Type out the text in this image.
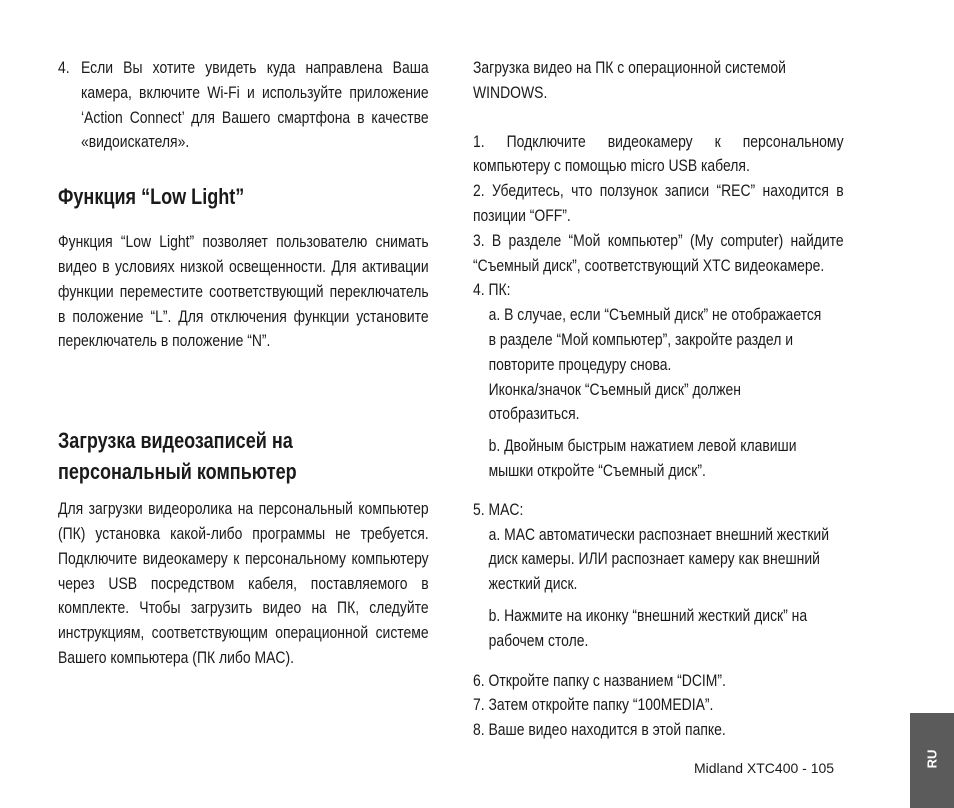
4. Если Вы хотите увидеть куда направлена Ваша камера, включите Wi-Fi и используйте приложение ‘Action Connect’ для Вашего смартфона в качестве «видоискателя».

Функция “Low Light”

Функция “Low Light” позволяет пользователю снимать видео в условиях низкой освещенности. Для активации функции переместите соответствующий переключатель в положение “L”. Для отключения функции установите переключатель в положение “N”.

Загрузка видеозаписей на
персональный компьютер

Для загрузки видеоролика на персональный компьютер (ПК) установка какой-либо программы не требуется. Подключите видеокамеру к персональному компьютеру через USB посредством кабеля, поставляемого в комплекте. Чтобы загрузить видео на ПК, следуйте инструкциям, соответствующим операционной системе Вашего компьютера (ПК либо MAC).

Загрузка видео на ПК с операционной системой WINDOWS.

1. Подключите видеокамеру к персональному компьютеру с помощью micro USB кабеля.

2. Убедитесь, что ползунок записи “REC” находится в позиции “OFF”.

3. В разделе “Мой компьютер” (My computer) найдите “Съемный диск”, соответствующий XTC видеокамере.

4. ПК:

a. В случае, если “Съемный диск” не отображается
в разделе “Мой компьютер”, закройте раздел и
повторите процедуру снова.
Иконка/значок “Съемный диск” должен
отобразиться.

b. Двойным быстрым нажатием левой клавиши
мышки откройте “Съемный диск”.

5. MAC:

a. MAC автоматически распознает внешний жесткий
диск камеры. ИЛИ распознает камеру как внешний
жесткий диск.

b. Нажмите на иконку “внешний жесткий диск” на
рабочем столе.

6. Откройте папку с названием “DCIM”.

7. Затем откройте папку “100MEDIA”.

8. Ваше видео находится в этой папке.

Midland XTC400 - 105	RU
